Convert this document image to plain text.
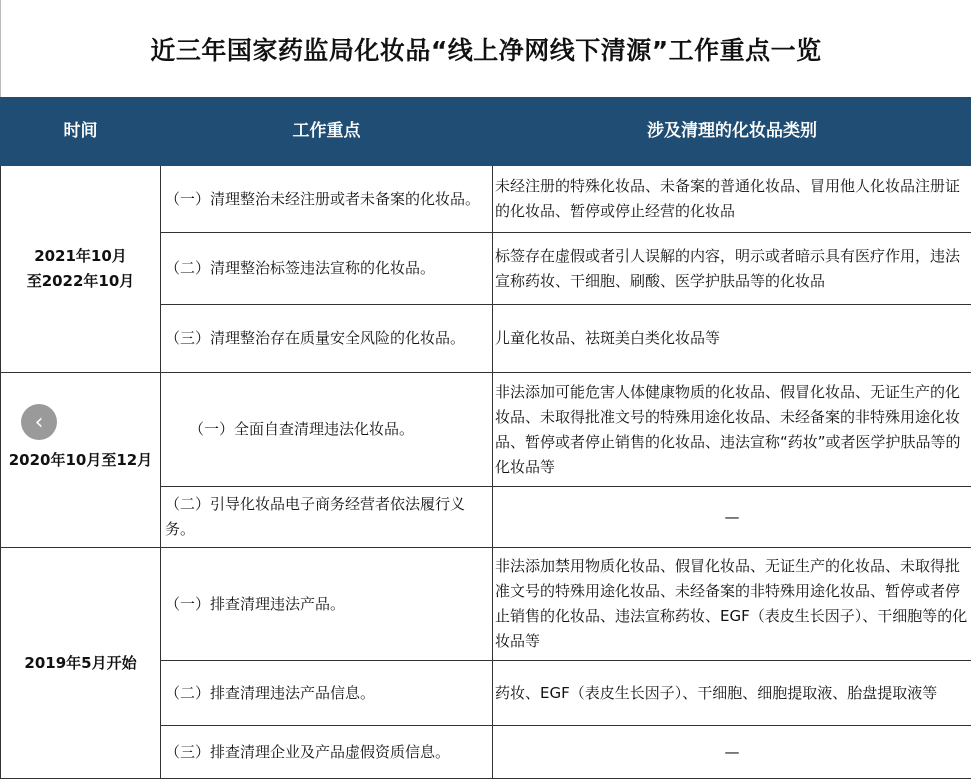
近三年国家药监局化妆品“线上净网线下清源”工作重点一览
时间	工作重点	涉及清理的化妆品类别
2021年10月
至2022年10月	（一）清理整治未经注册或者未备案的化妆品。	未经注册的特殊化妆品、未备案的普通化妆品、冒用他人化妆品注册证的化妆品、暂停或停止经营的化妆品
	（二）清理整治标签违法宣称的化妆品。	标签存在虚假或者引人误解的内容，明示或者暗示具有医疗作用，违法宣称药妆、干细胞、刷酸、医学护肤品等的化妆品
	（三）清理整治存在质量安全风险的化妆品。	儿童化妆品、祛斑美白类化妆品等
2020年10月至12月	（一）全面自查清理违法化妆品。	非法添加可能危害人体健康物质的化妆品、假冒化妆品、无证生产的化妆品、未取得批准文号的特殊用途化妆品、未经备案的非特殊用途化妆品、暂停或者停止销售的化妆品、违法宣称“药妆”或者医学护肤品等的化妆品等
	（二）引导化妆品电子商务经营者依法履行义务。	—
2019年5月开始	（一）排查清理违法产品。	非法添加禁用物质化妆品、假冒化妆品、无证生产的化妆品、未取得批准文号的特殊用途化妆品、未经备案的非特殊用途化妆品、暂停或者停止销售的化妆品、违法宣称药妆、EGF（表皮生长因子）、干细胞等的化妆品等
	（二）排查清理违法产品信息。	药妆、EGF（表皮生长因子）、干细胞、细胞提取液、胎盘提取液等
	（三）排查清理企业及产品虚假资质信息。	—
‹
